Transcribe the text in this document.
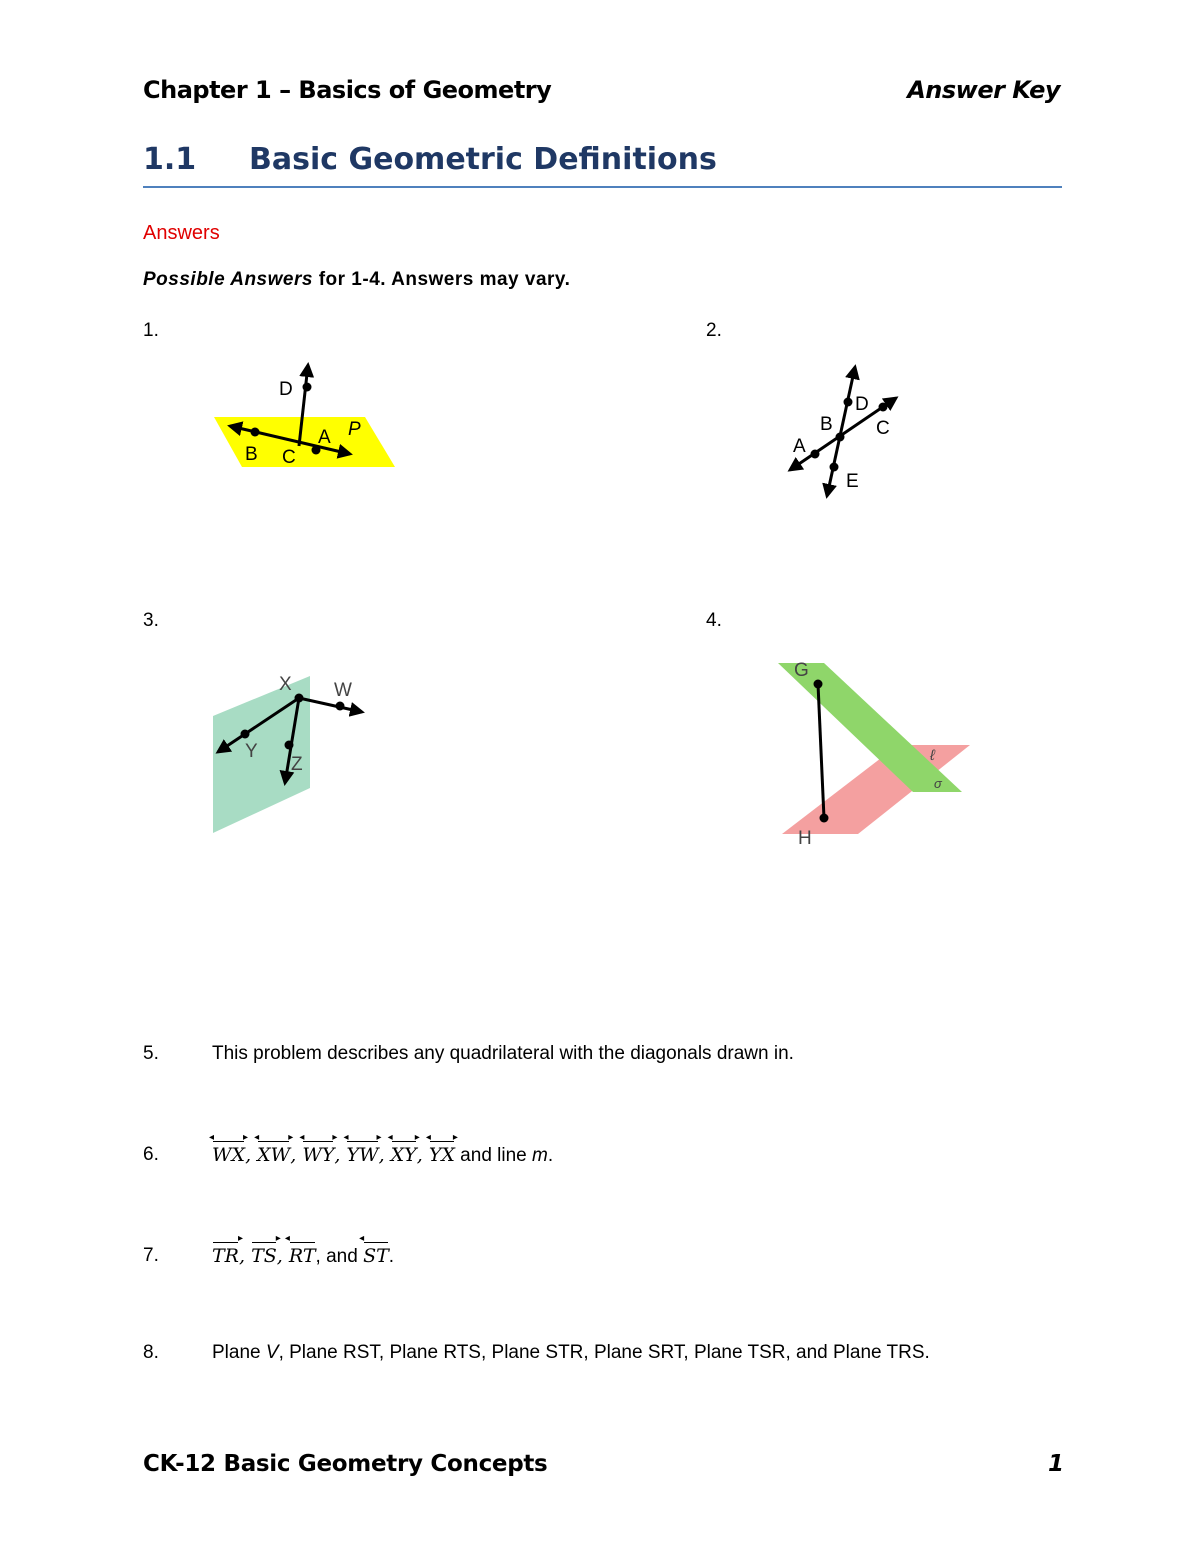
Chapter 1 – Basics of Geometry	Answer Key
1.1 Basic Geometric Definitions
Answers
Possible Answers for 1-4. Answers may vary.
1.	2.
3.	4.
D
A P
B C
D
B C
A
E
X W
Y
Z
G
H
ℓ
σ
5.	This problem describes any quadrilateral with the diagonals drawn in.
6.	WX ◂  ▸, XW ◂  ▸, WY ◂  ▸, YW ◂  ▸, XY ◂  ▸, YX ◂  ▸ and line m.
7.	TR ▸, TS ▸, RT ◂, and ST ◂.
8.	Plane V, Plane RST, Plane RTS, Plane STR, Plane SRT, Plane TSR, and Plane TRS.
CK-12 Basic Geometry Concepts	1
